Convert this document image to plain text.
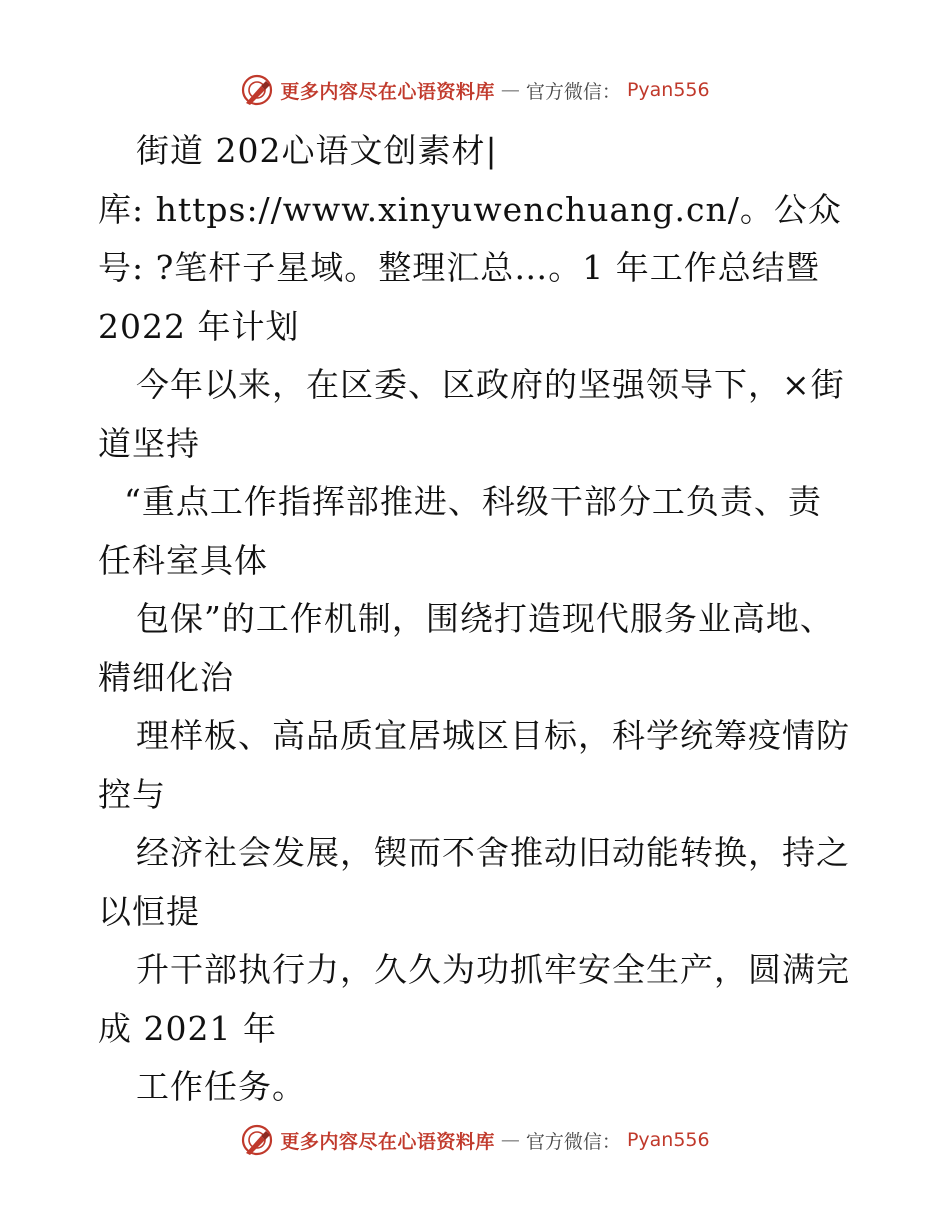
更多内容尽在心语资料库 — 官方微信： Pyan556
街道 202心语文创素材|
库: https://www.xinyuwenchuang.cn/。公众
号: ?笔杆子星域。整理汇总…。1 年工作总结暨
2022 年计划
今年以来，在区委、区政府的坚强领导下，×街
道坚持
“重点工作指挥部推进、科级干部分工负责、责
任科室具体
包保”的工作机制，围绕打造现代服务业高地、
精细化治
理样板、高品质宜居城区目标，科学统筹疫情防
控与
经济社会发展，锲而不舍推动旧动能转换，持之
以恒提
升干部执行力，久久为功抓牢安全生产，圆满完
成 2021 年
工作任务。
更多内容尽在心语资料库 — 官方微信： Pyan556
